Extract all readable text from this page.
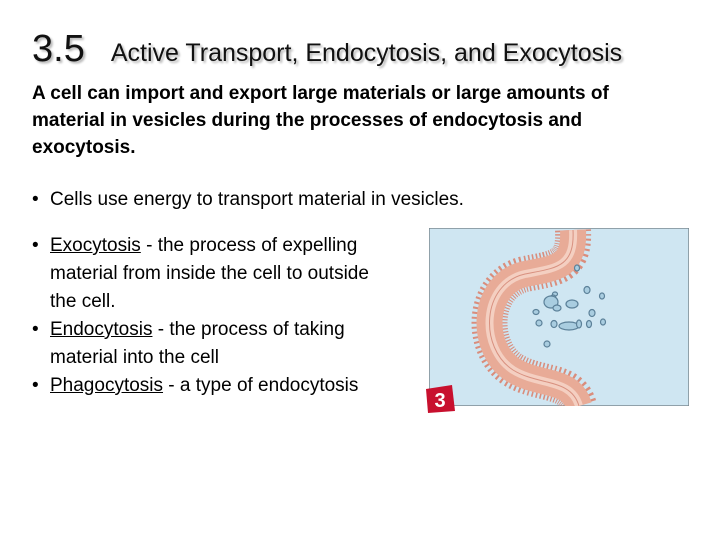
3.5 Active Transport, Endocytosis, and Exocytosis
A cell can import and export large materials or large amounts of material in vesicles during the processes of endocytosis and exocytosis.
• Cells use energy to transport material in vesicles.
• Exocytosis - the process of expelling material from inside the cell to outside the cell.
• Endocytosis - the process of taking material into the cell
• Phagocytosis - a type of endocytosis
3
